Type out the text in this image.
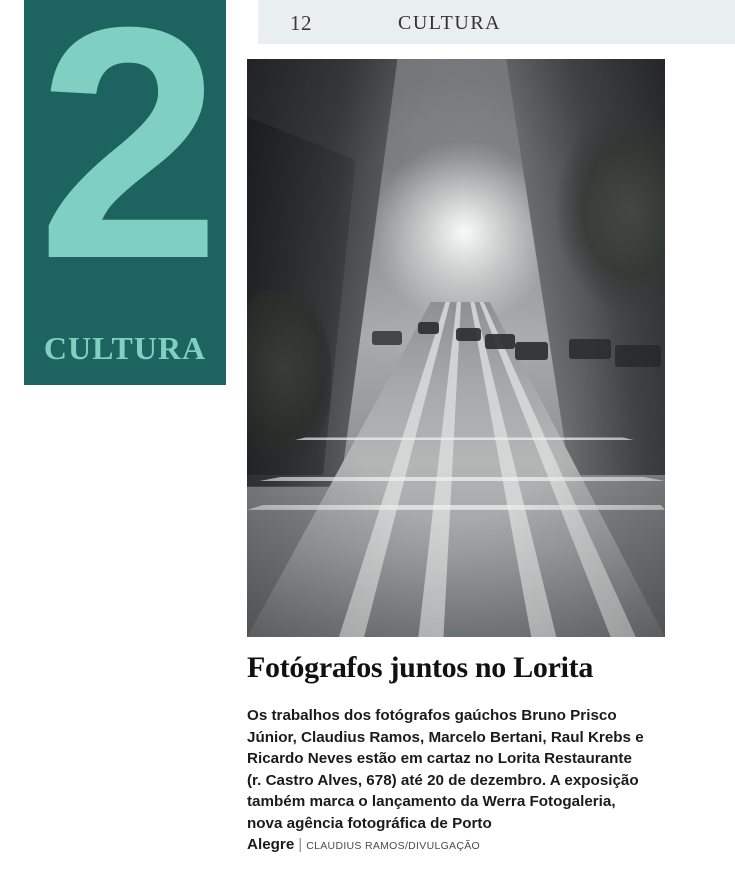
12	CULTURA
2
CULTURA
Fotógrafos juntos no Lorita

Os trabalhos dos fotógrafos gaúchos Bruno Prisco Júnior, Claudius Ramos, Marcelo Bertani, Raul Krebs e Ricardo Neves estão em cartaz no Lorita Restaurante (r. Castro Alves, 678) até 20 de dezembro. A exposição também marca o lançamento da Werra Fotogaleria, nova agência fotográfica de Porto Alegre | CLAUDIUS RAMOS/DIVULGAÇÃO
